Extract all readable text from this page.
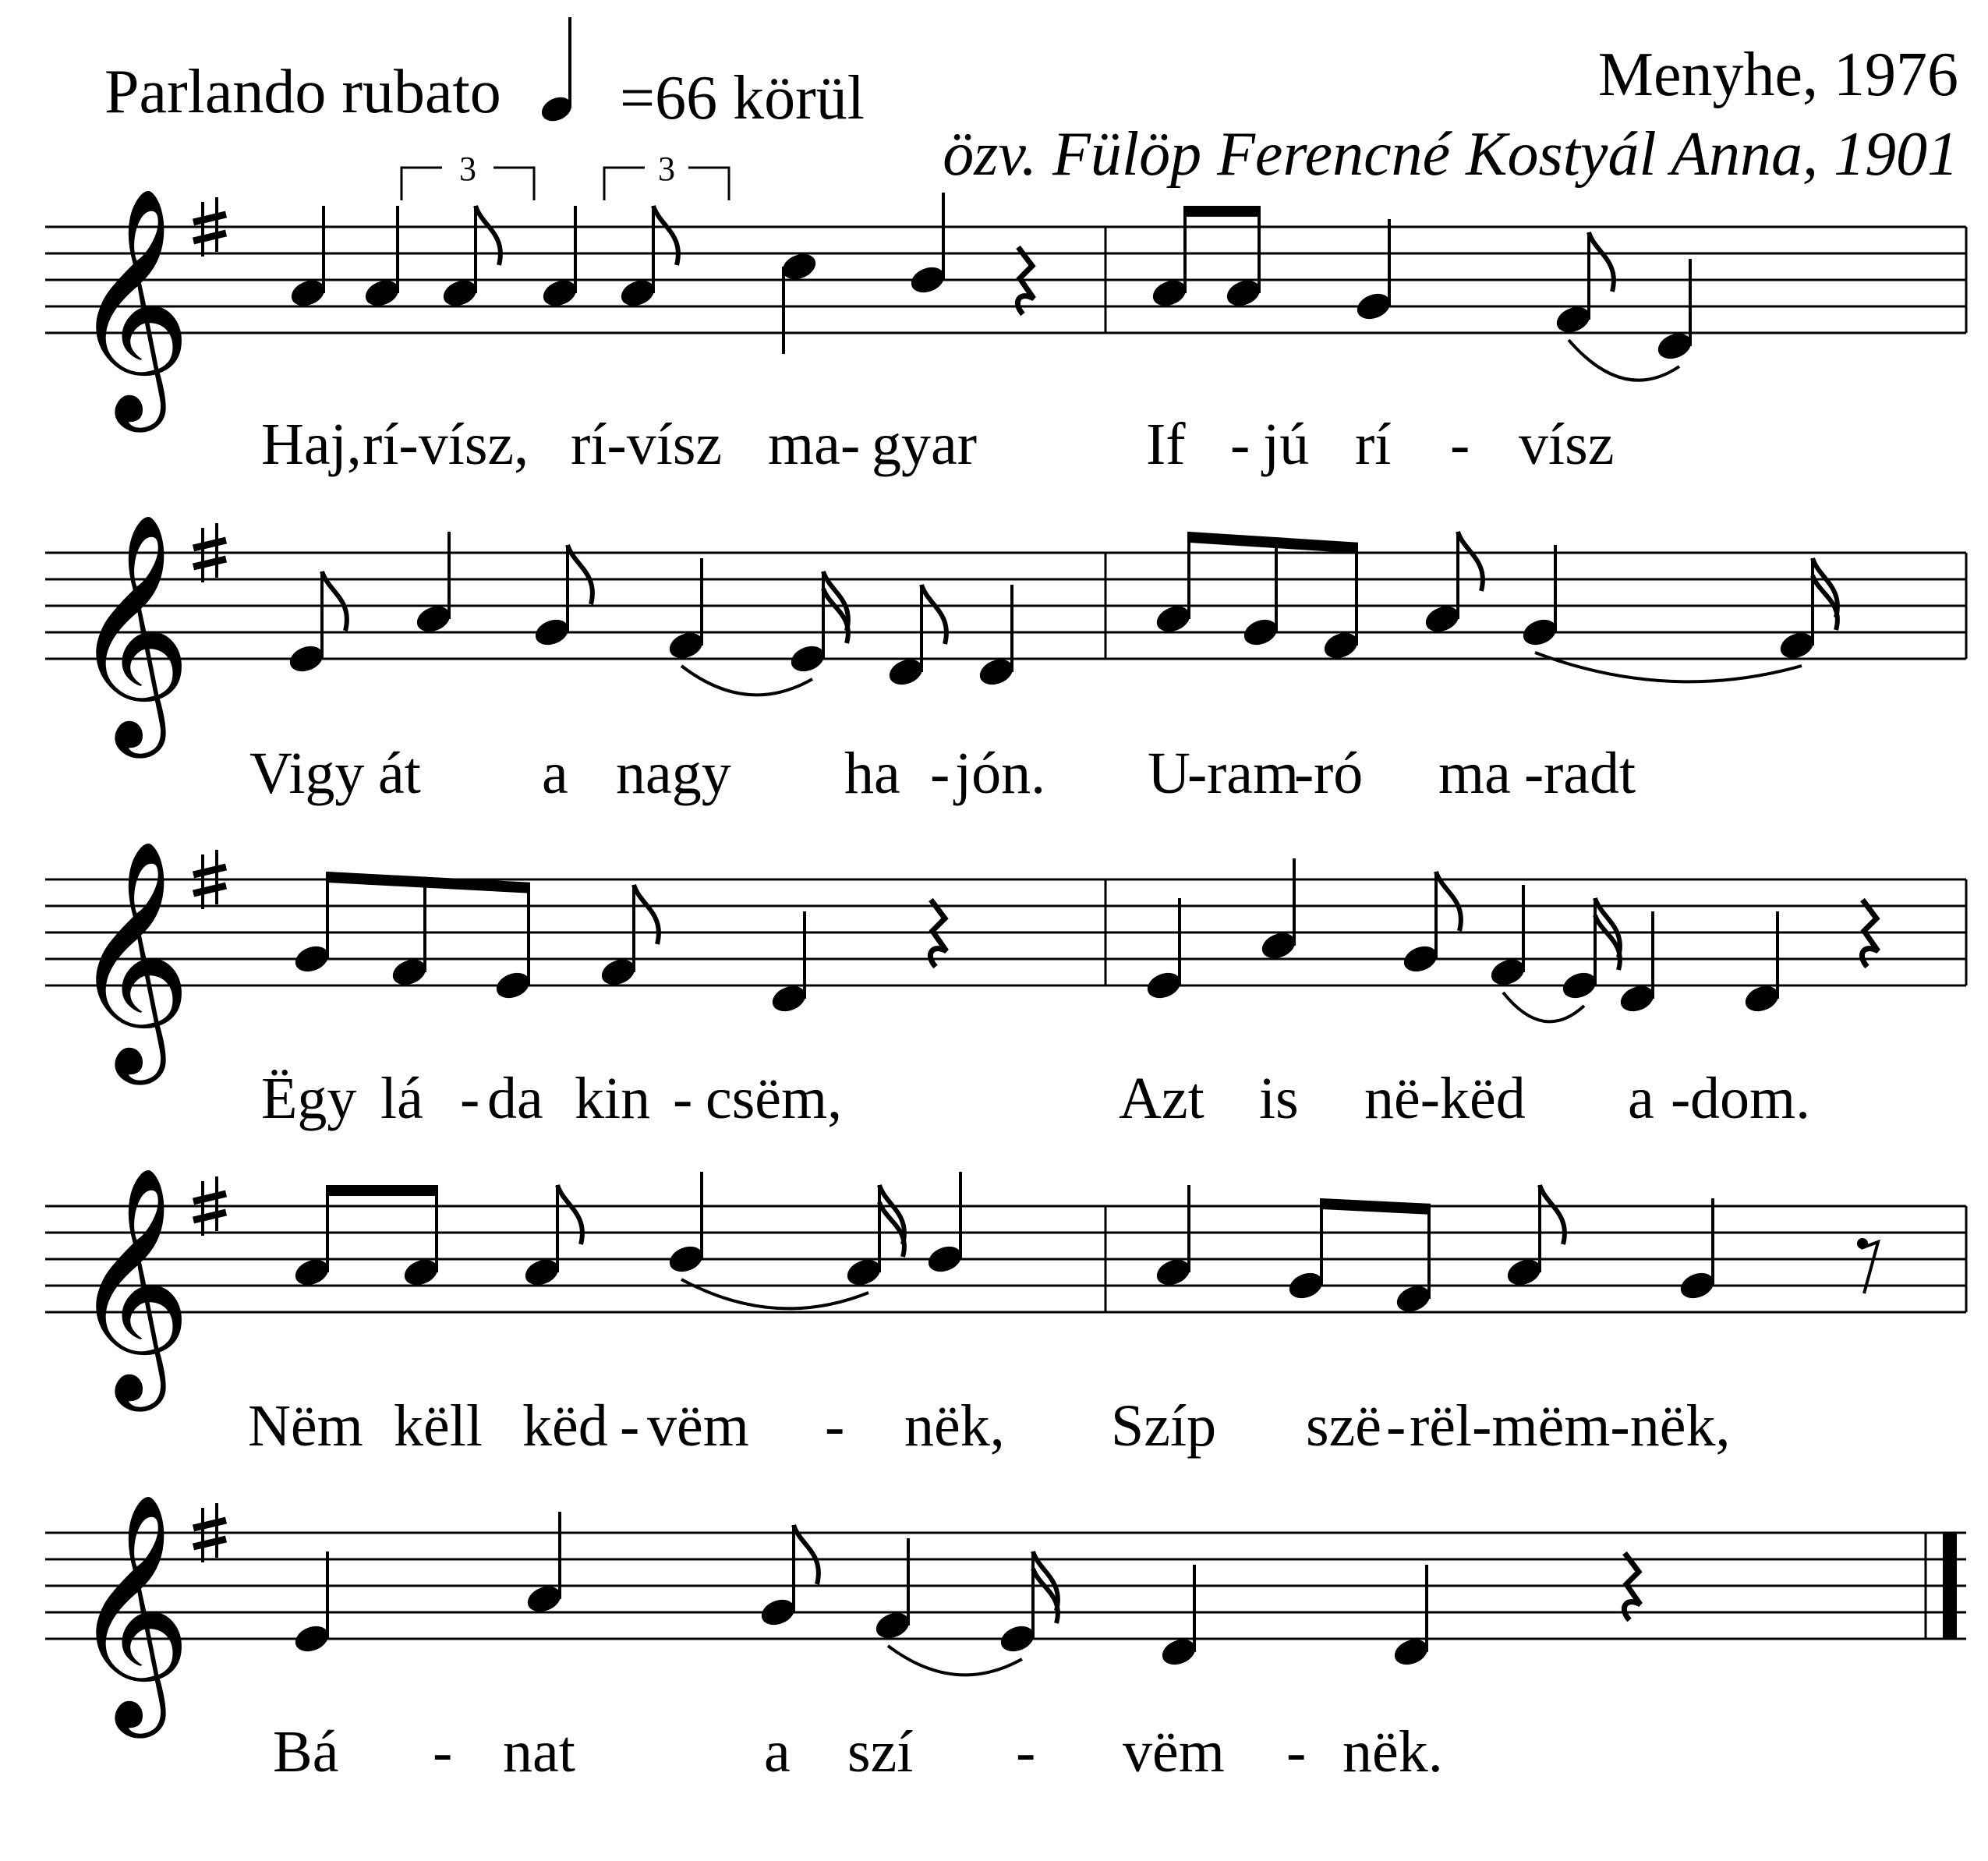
Parlando rubato =66 körül	Menyhe, 1976
özv. Fülöp Ferencné Kostyál Anna, 1901
𝄞
3	3
Haj, rí-vísz, rí-vísz ma - gyar	If - jú rí - vísz
𝄞
Vigy át a nagy ha - jón. U
- ram
- ró ma - radt
𝄞
Ëgy lá - da kin - csëm,	Azt is në-këd a - dom.
𝄞
Nëm këll këd - vëm - nëk, Szíp szë - rël-mëm-nëk,
𝄞
Bá - nat	a szí - vëm - nëk.
